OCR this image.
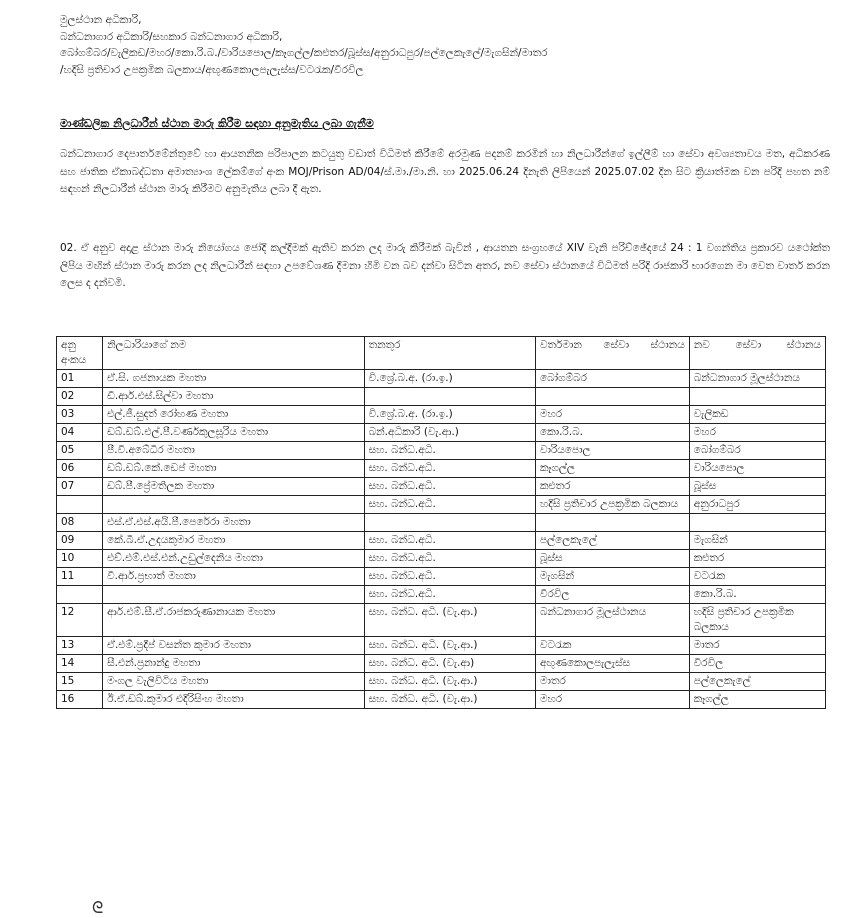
මුලස්ථාන අධිකාරි,
බන්ධනාගාර අධිකාරි/සහකාර බන්ධනාගාර අධිකාරි,
බෝගම්බර/වැලිකඩ/මහර/කො.රි.බ./වාරියපොල/කෑගල්ල/කළුතර/බූස්ස/අනුරාධපුර/පල්ලෙකැලේ/මැගසින්/මාතර
/හදිසි ප්‍රතිචාර උපක්‍රමික බලකාය/අඟුණකොලපැලැස්ස/වටරැක/වීරවිල
මාණ්ඩලික නිලධාරීන් ස්ථාන මාරු කිරීම සඳහා අනුමැතිය ලබා ගැනීම

බන්ධනාගාර දෙපාර්තමේන්තුවේ හා ආයතනික පරිපාලන කටයුතු වඩාත් විධිමත් කිරීමේ අරමුණ පදනම් කරමින් හා නිලධාරීන්ගේ ඉල්ලීම් හා සේවා අවශ්‍යතාවය මත, අධිකරණ සහ ජාතික ඒකාබද්ධතා අමාත්‍යාංශ ලේකම්ගේ අංක MOJ/Prison AD/04/ස්.මා./මා.නි. හා 2025.06.24 දිනැති ලිපියෙන් 2025.07.02 දින සිට ක්‍රියාත්මක වන පරිදි පහත නම් සඳහන් නිලධාරීන් ස්ථාන මාරු කිරීමට අනුමැතිය ලබා දී ඇත.

02. ඒ අනුව අදාළ ස්ථාන මාරු නියෝගය ජෝදි කල්දීමක් ඇතිව කරන ලද මාරු කිරීමක් බැවින් , ආයතන සංග්‍රහයේ XIV වැනි පරිච්ඡේදයේ 24 : 1 වගන්තිය ප්‍රකාරව යථෝක්ත ලිපිය මඟින් ස්ථාන මාරු කරන ලද නිලධාරීන් සඳහා උපවේශණ දීමනා හිමි වන බව දන්වා සිටින අතර, නව සේවා ස්ථානයේ විධිමත් පරිදි රාජකාරි භාරගෙන මා වෙත වාර්ත කරන ලෙස ද දන්වමි.

අනු අංකය	නිලධාරියාගේ නම	තනතුර	වර්තමාන සේවා ස්ථානය	නව සේවා ස්ථානය
01	ඒ.සි. ගජනායක මහතා	වි.ශ්‍රේ.බ.අ. (රා.ඉ.)	බෝගම්බර	බන්ධනාගාර මූලස්ථානය
02	ඩී.ආර්.එස්.සිල්වා මහතා			
03	එල්.ජී.සුදත් රෝහණ මහතා	වි.ශ්‍රේ.බ.අ. (රා.ඉ.)	මහර	වැලිකඩ
04	ඩබ්.ඩබ්.එල්.පී.වර්ණකුලසූරිය මහතා	බන්.අධිකාරි (වැ.ආ.)	කො.රි.බ.	මහර
05	පී.වී.අබේධීර මහතා	සහ. බන්ධ.අධි.	වාරියපොල	බෝගම්බර
06	ඩබ්.ඩබ්.කේ.ඩෙප් මහතා	සහ. බන්ධ.අධි.	කෑගල්ල	වාරියපොල
07	ඩබ්.පී.ප්‍රේමතිලක මහතා	සහ. බන්ධ.අධි.	කළුතර	බූස්ස
		සහ. බන්ධ.අධි.	හදිසි ප්‍රතිචාර උපක්‍රමික බලකාය	අනුරාධපුර
08	එස්.ඒ.එස්.අයි.පී.පෙරේරා මහතා			
09	කේ.බී.ඒ.උදයකුමාර මහතා	සහ. බන්ධ.අධි.	පල්ලෙකැලේ	මැගසින්
10	එච්.එම්.එස්.එන්.උඩුල්දෙනිය මහතා	සහ. බන්ධ.අධි.	බූස්ස	කළුතර
11	වී.ආර්.ප්‍රභාත් මහතා	සහ. බන්ධ.අධි.	මැගසින්	වටරැක
		සහ. බන්ධ.අධි.	වීරවිල	කො.රි.බ.
12	ආර්.එම්.සී.ඒ.රාජකරුණානායක මහතා	සහ. බන්ධ. අධි. (වැ.ආ.)	බන්ධනාගාර මූලස්ථානය	හදිසි ප්‍රතිචාර උපක්‍රමික බලකාය
13	ඒ.එම්.ප්‍රදීප් වසන්ත කුමාර මහතා	සහ. බන්ධ. අධි. (වැ.ආ.)	වටරැක	මාතර
14	සී.එන්.ප්‍රනාන්දු මහතා	සහ. බන්ධ. අධි. (වැ.ආ)	අඟුණකොලපැලැස්ස	වීරවිල
15	මංගල වැලිවිටිය මහතා	සහ. බන්ධ. අධි. (වැ.ආ.)	මාතර	පල්ලෙකැලේ
16	ඊ.ඒ.ඩබ්.කුමාර එදිරිසිංහ මහතා	සහ. බන්ධ. අධි. (වැ.ආ.)	මහර	කෑගල්ල
ᘓ
